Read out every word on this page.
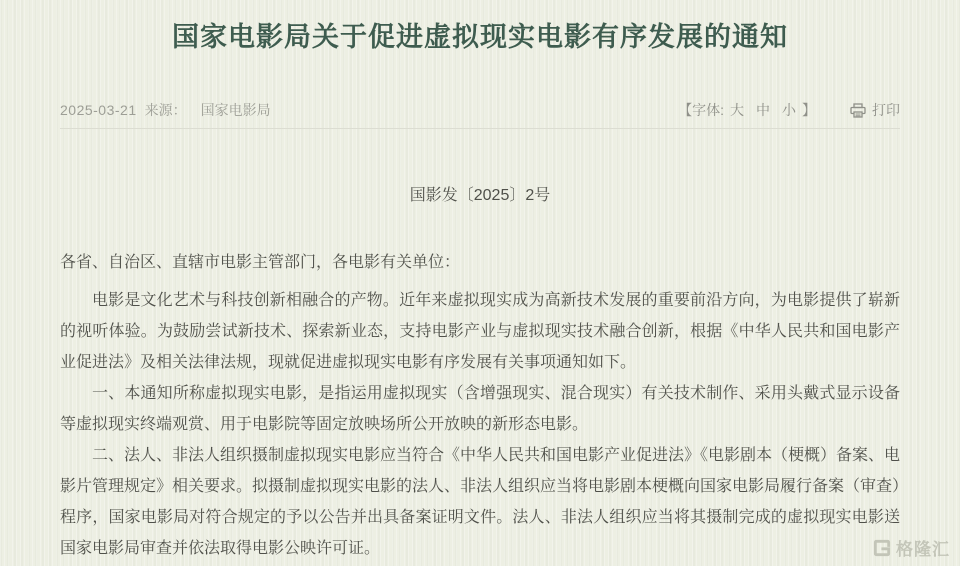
国家电影局关于促进虚拟现实电影有序发展的通知
2025-03-21 来源： 国家电影局	【字体: 大 中 小 】	打印
国影发〔2025〕2号

各省、自治区、直辖市电影主管部门，各电影有关单位：

电影是文化艺术与科技创新相融合的产物。近年来虚拟现实成为高新技术发展的重要前沿方向，为电影提供了崭新的视听体验。为鼓励尝试新技术、探索新业态，支持电影产业与虚拟现实技术融合创新，根据《中华人民共和国电影产业促进法》及相关法律法规，现就促进虚拟现实电影有序发展有关事项通知如下。

一、本通知所称虚拟现实电影，是指运用虚拟现实（含增强现实、混合现实）有关技术制作、采用头戴式显示设备等虚拟现实终端观赏、用于电影院等固定放映场所公开放映的新形态电影。

二、法人、非法人组织摄制虚拟现实电影应当符合《中华人民共和国电影产业促进法》《电影剧本（梗概）备案、电影片管理规定》相关要求。拟摄制虚拟现实电影的法人、非法人组织应当将电影剧本梗概向国家电影局履行备案（审查）程序，国家电影局对符合规定的予以公告并出具备案证明文件。法人、非法人组织应当将其摄制完成的虚拟现实电影送国家电影局审查并依法取得电影公映许可证。	格隆汇
